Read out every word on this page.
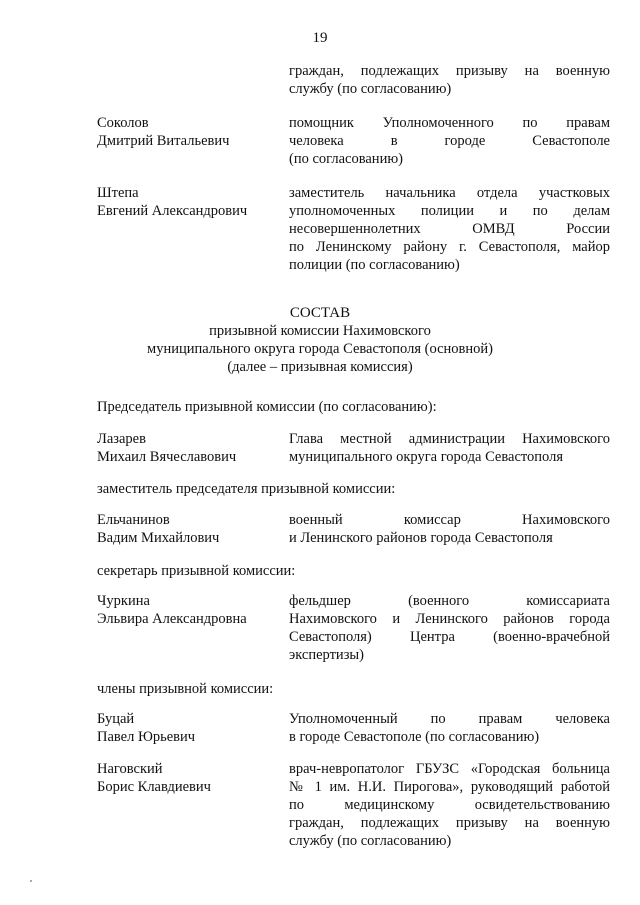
19
граждан, подлежащих призыву на военную
службу (по согласованию)
Соколов
Дмитрий Витальевич
помощник Уполномоченного по правам
человека в городе Севастополе
(по согласованию)
Штепа
Евгений Александрович
заместитель начальника отдела участковых
уполномоченных полиции и по делам
несовершеннолетних ОМВД России
по Ленинскому району г. Севастополя, майор
полиции (по согласованию)
СОСТАВ
призывной комиссии Нахимовского
муниципального округа города Севастополя (основной)
(далее – призывная комиссия)
Председатель призывной комиссии (по согласованию):
Лазарев
Михаил Вячеславович
Глава местной администрации Нахимовского
муниципального округа города Севастополя
заместитель председателя призывной комиссии:
Ельчанинов
Вадим Михайлович
военный комиссар Нахимовского
и Ленинского районов города Севастополя
секретарь призывной комиссии:
Чуркина
Эльвира Александровна
фельдшер (военного комиссариата
Нахимовского и Ленинского районов города
Севастополя) Центра (военно-врачебной
экспертизы)
члены призывной комиссии:
Буцай
Павел Юрьевич
Уполномоченный по правам человека
в городе Севастополе (по согласованию)
Наговский
Борис Клавдиевич
врач-невропатолог ГБУЗС «Городская больница
№ 1 им. Н.И. Пирогова», руководящий работой
по медицинскому освидетельствованию
граждан, подлежащих призыву на военную
службу (по согласованию)
